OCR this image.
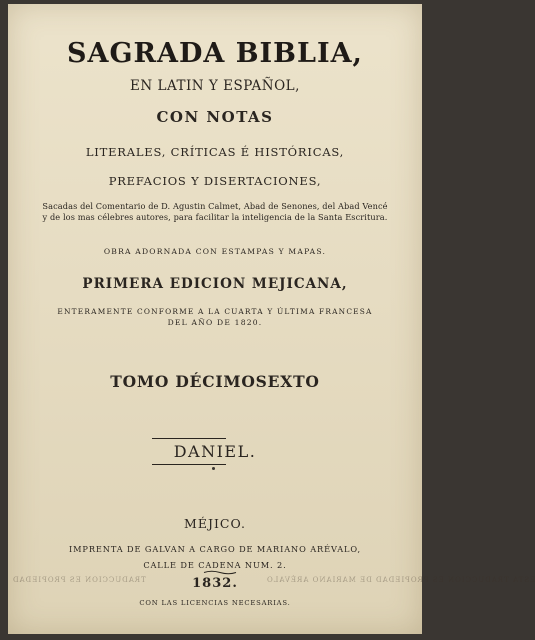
SAGRADA BIBLIA,
EN LATIN Y ESPAÑOL,
CON NOTAS
LITERALES, CRÍTICAS É HISTÓRICAS,
PREFACIOS Y DISERTACIONES,
Sacadas del Comentario de D. Agustin Calmet, Abad de Senones, del Abad Vencé
y de los mas célebres autores, para facilitar la inteligencia de la Santa Escritura.
OBRA ADORNADA CON ESTAMPAS Y MAPAS.
PRIMERA EDICION MEJICANA,
ENTERAMENTE CONFORME A LA CUARTA Y ÚLTIMA FRANCESA
DEL AÑO DE 1820.
TOMO DÉCIMOSEXTO
DANIEL.
MÉJICO.
IMPRENTA DE GALVAN A CARGO DE MARIANO ARÉVALO,
CALLE DE CADENA NUM. 2.
TRADUCCION ES PROPIEDAD	ESTA TRADUCCION ES PROPIEDAD DE MARIANO ARÉVALO
1832.
CON LAS LICENCIAS NECESARIAS.
